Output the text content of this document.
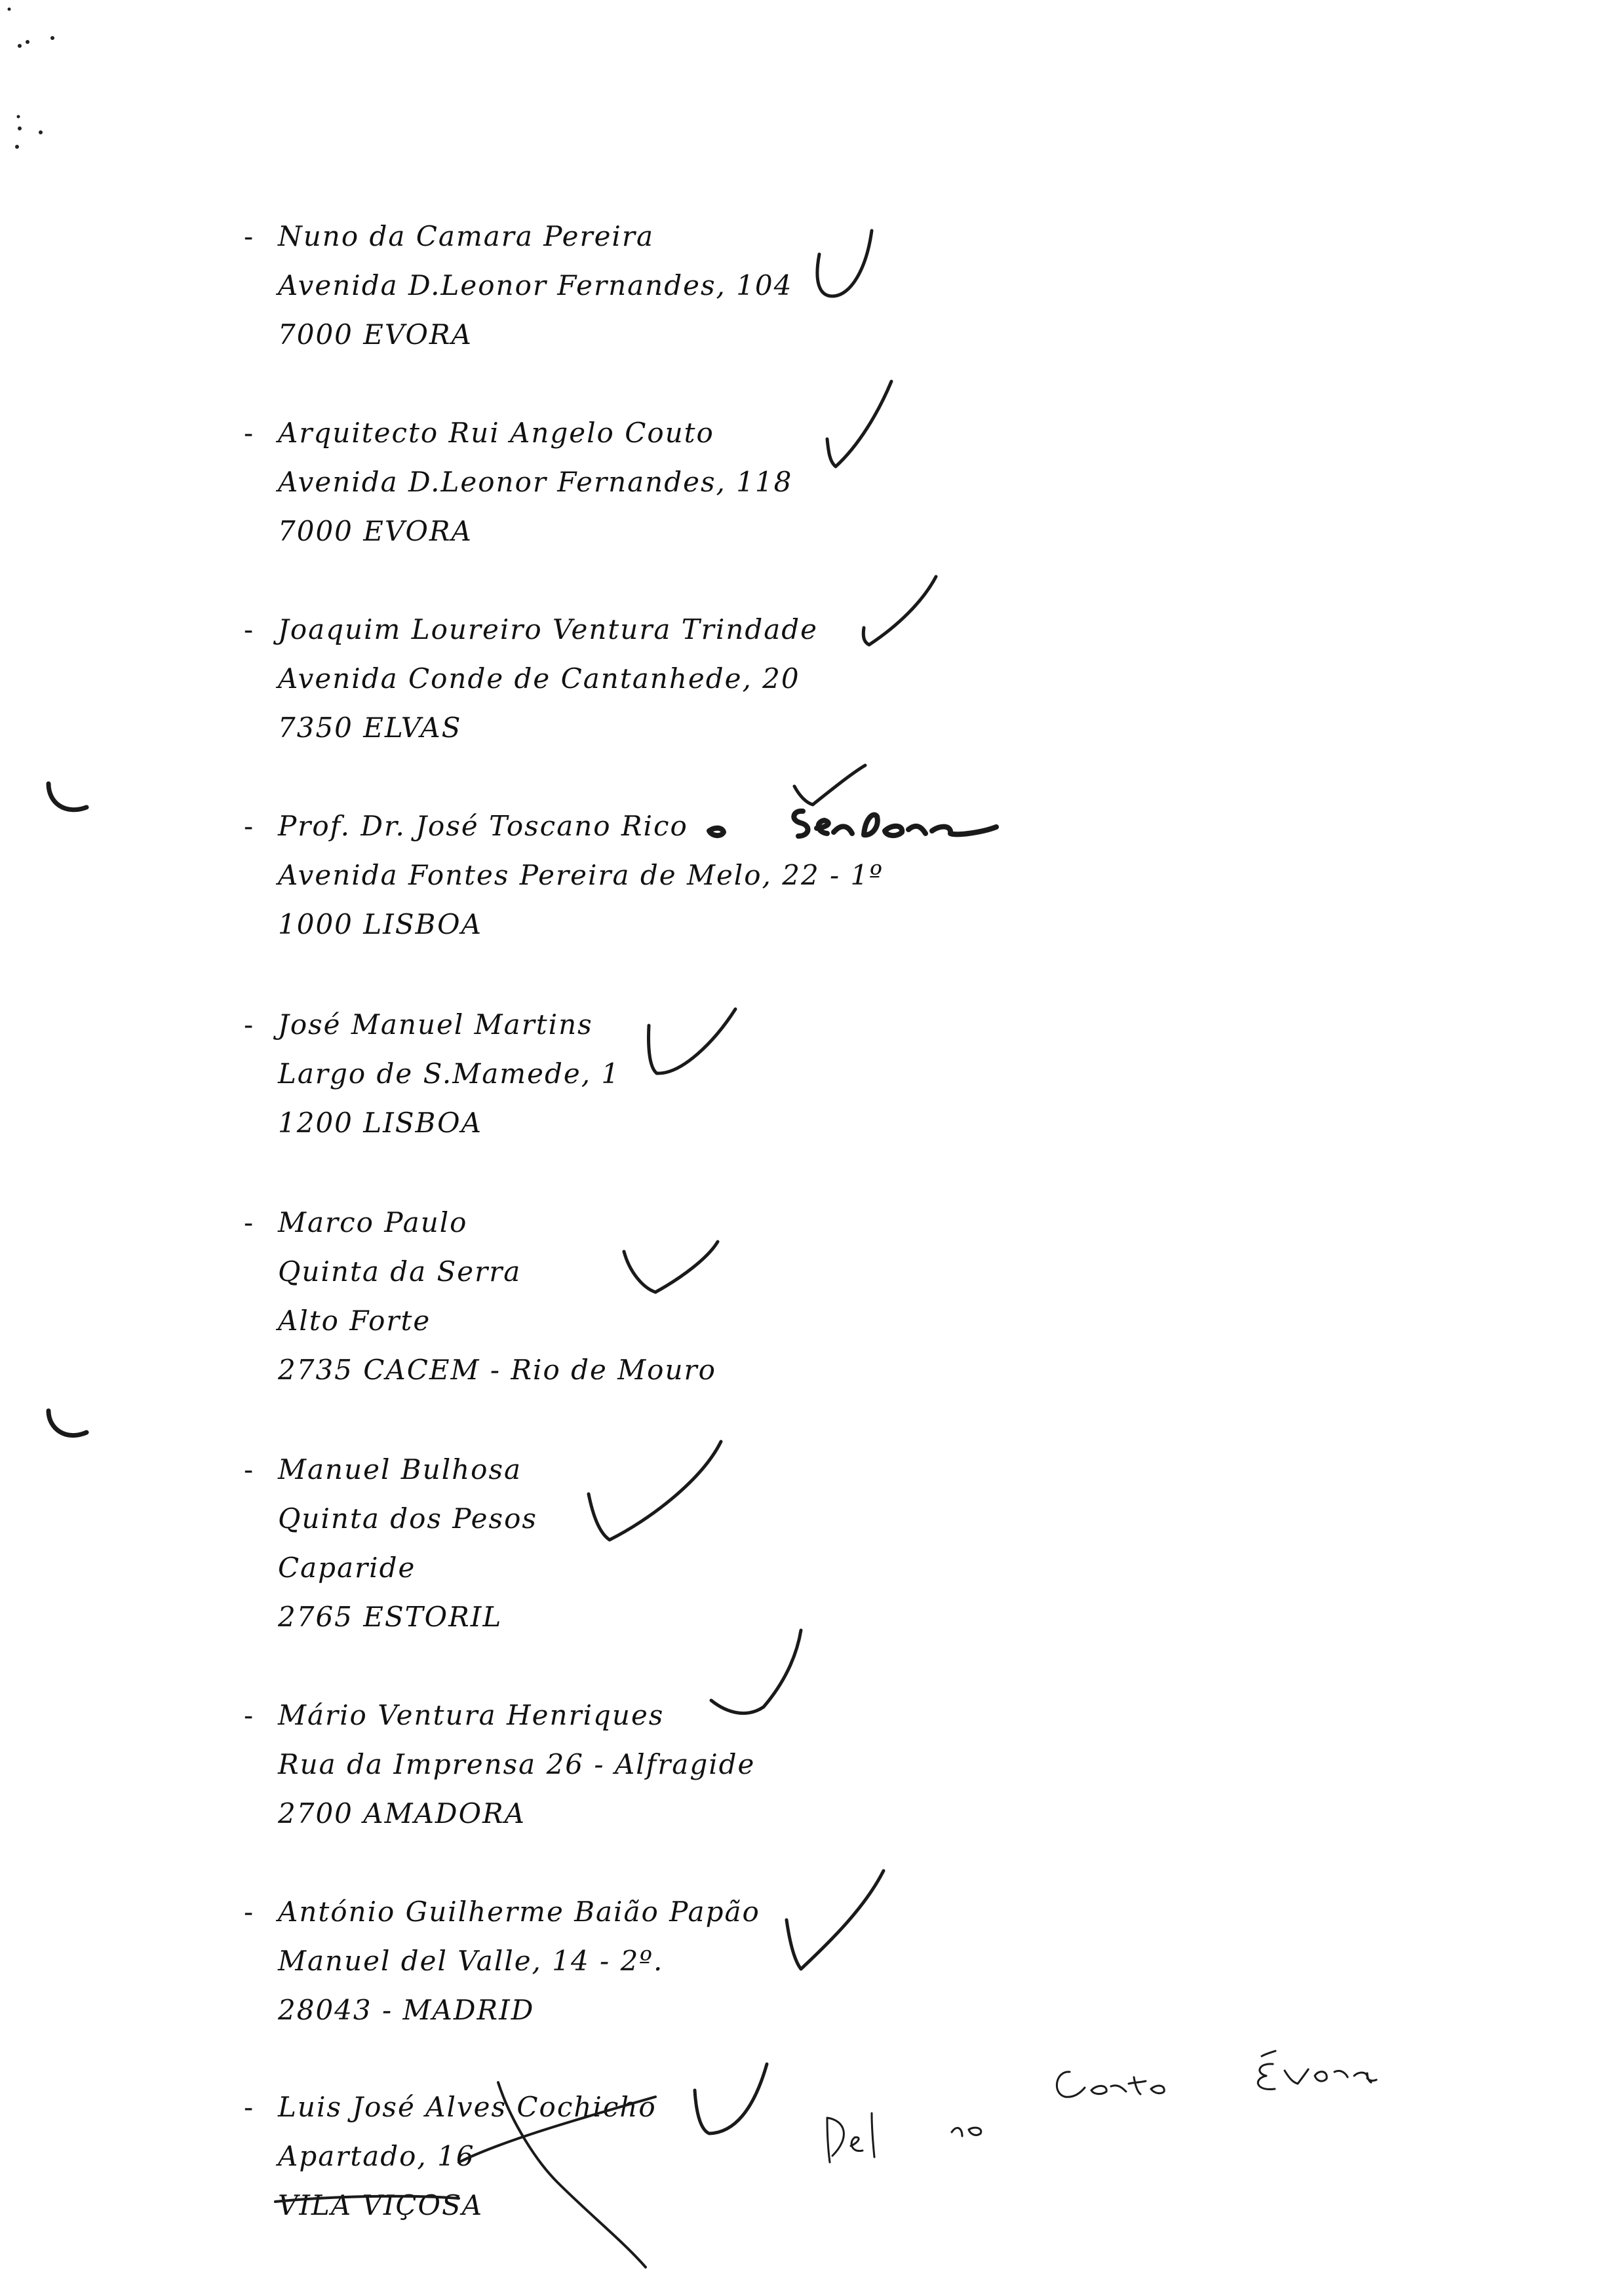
- Nuno da Camara Pereira
Avenida D.Leonor Fernandes, 104
7000 EVORA
- Arquitecto Rui Angelo Couto
Avenida D.Leonor Fernandes, 118
7000 EVORA
- Joaquim Loureiro Ventura Trindade
Avenida Conde de Cantanhede, 20
7350 ELVAS
- Prof. Dr. José Toscano Rico
Avenida Fontes Pereira de Melo, 22 - 1º
1000 LISBOA
- José Manuel Martins
Largo de S.Mamede, 1
1200 LISBOA
- Marco Paulo
Quinta da Serra
Alto Forte
2735 CACEM - Rio de Mouro
- Manuel Bulhosa
Quinta dos Pesos
Caparide
2765 ESTORIL
- Mário Ventura Henriques
Rua da Imprensa 26 - Alfragide
2700 AMADORA
- António Guilherme Baião Papão
Manuel del Valle, 14 - 2º.
28043 - MADRID
- Luis José Alves Cochicho
Apartado, 16
VILA VIÇOSA
